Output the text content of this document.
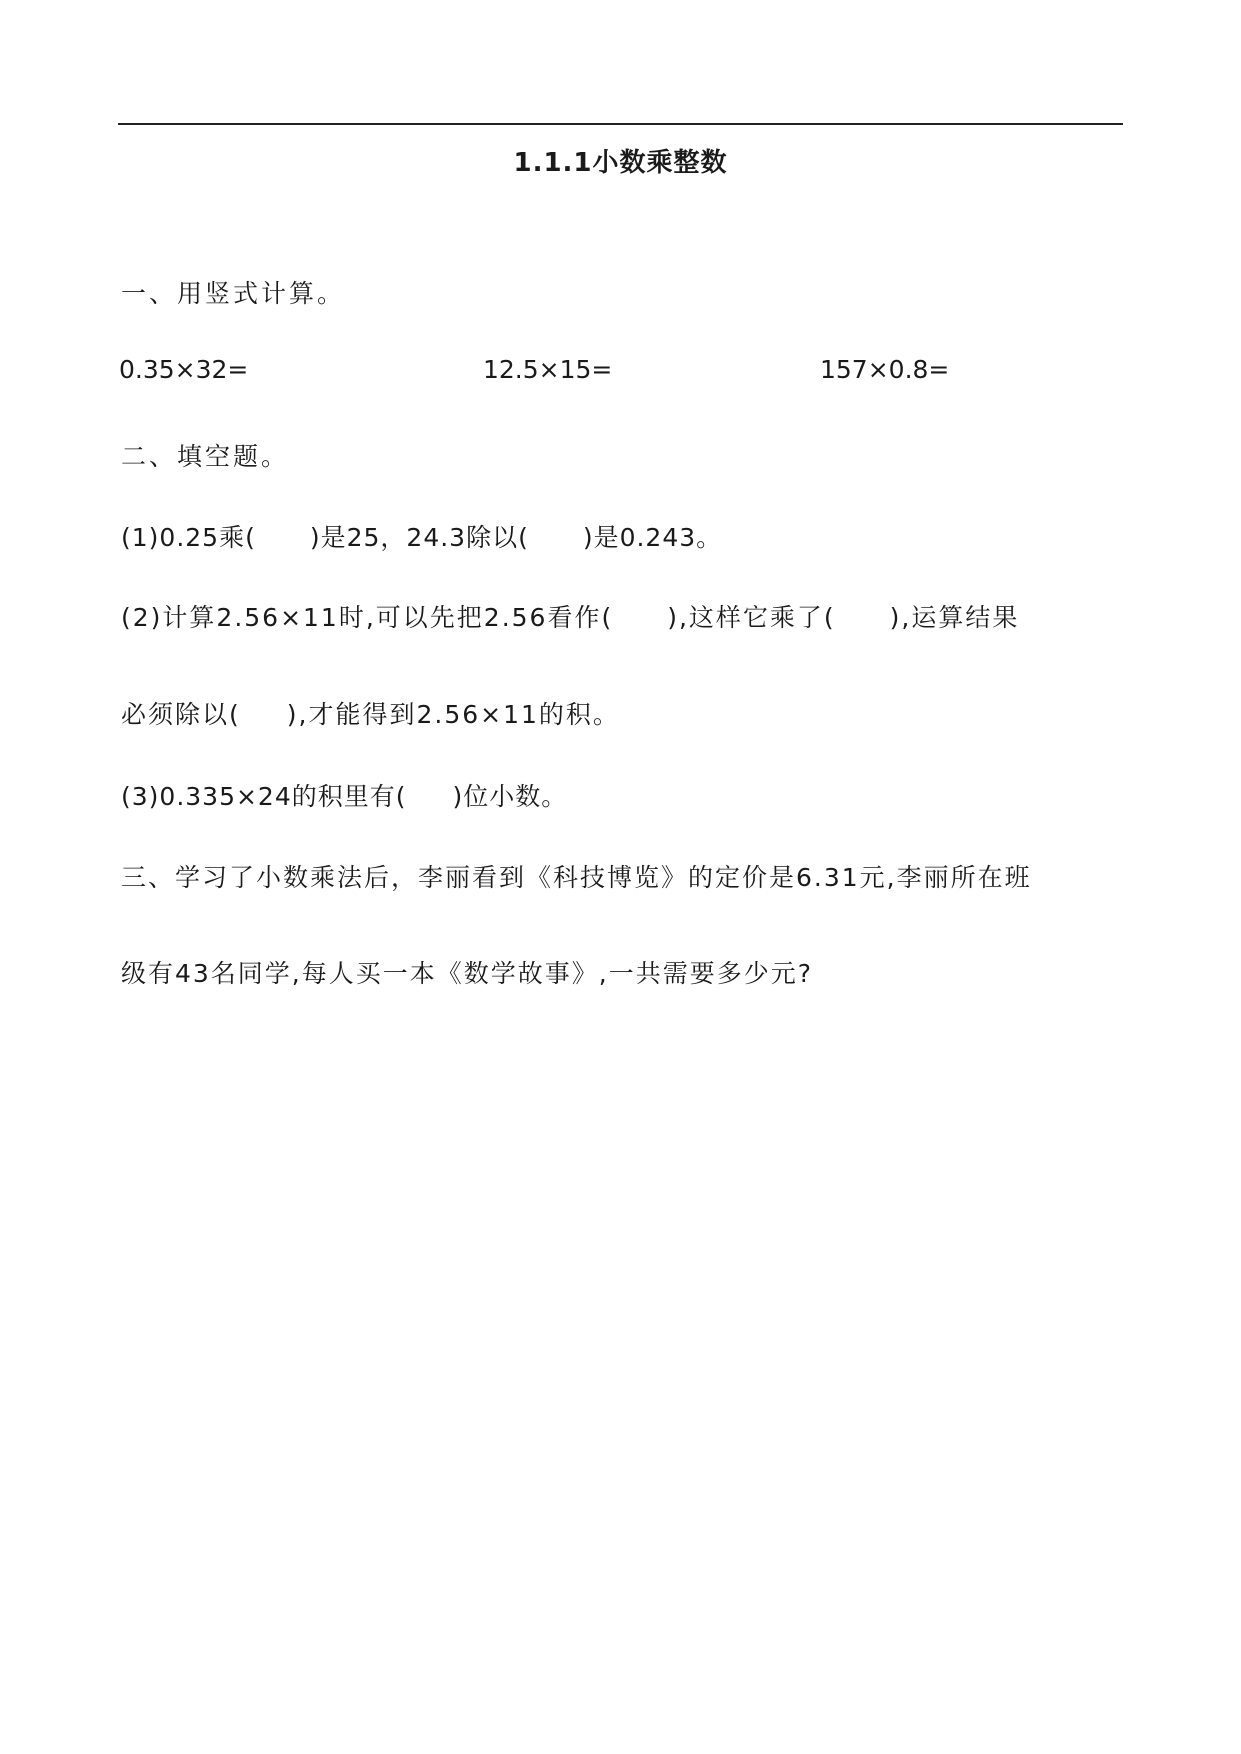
1.1.1小数乘整数
一、用竖式计算。
0.35×32=	12.5×15=	157×0.8=
二、填空题。
(1)0.25乘( )是25，24.3除以( )是0.243。
(2)计算2.56×11时,可以先把2.56看作( ),这样它乘了( ),运算结果
必须除以( ),才能得到2.56×11的积。
(3)0.335×24的积里有( )位小数。
三、学习了小数乘法后，李丽看到《科技博览》的定价是6.31元,李丽所在班
级有43名同学,每人买一本《数学故事》,一共需要多少元?
